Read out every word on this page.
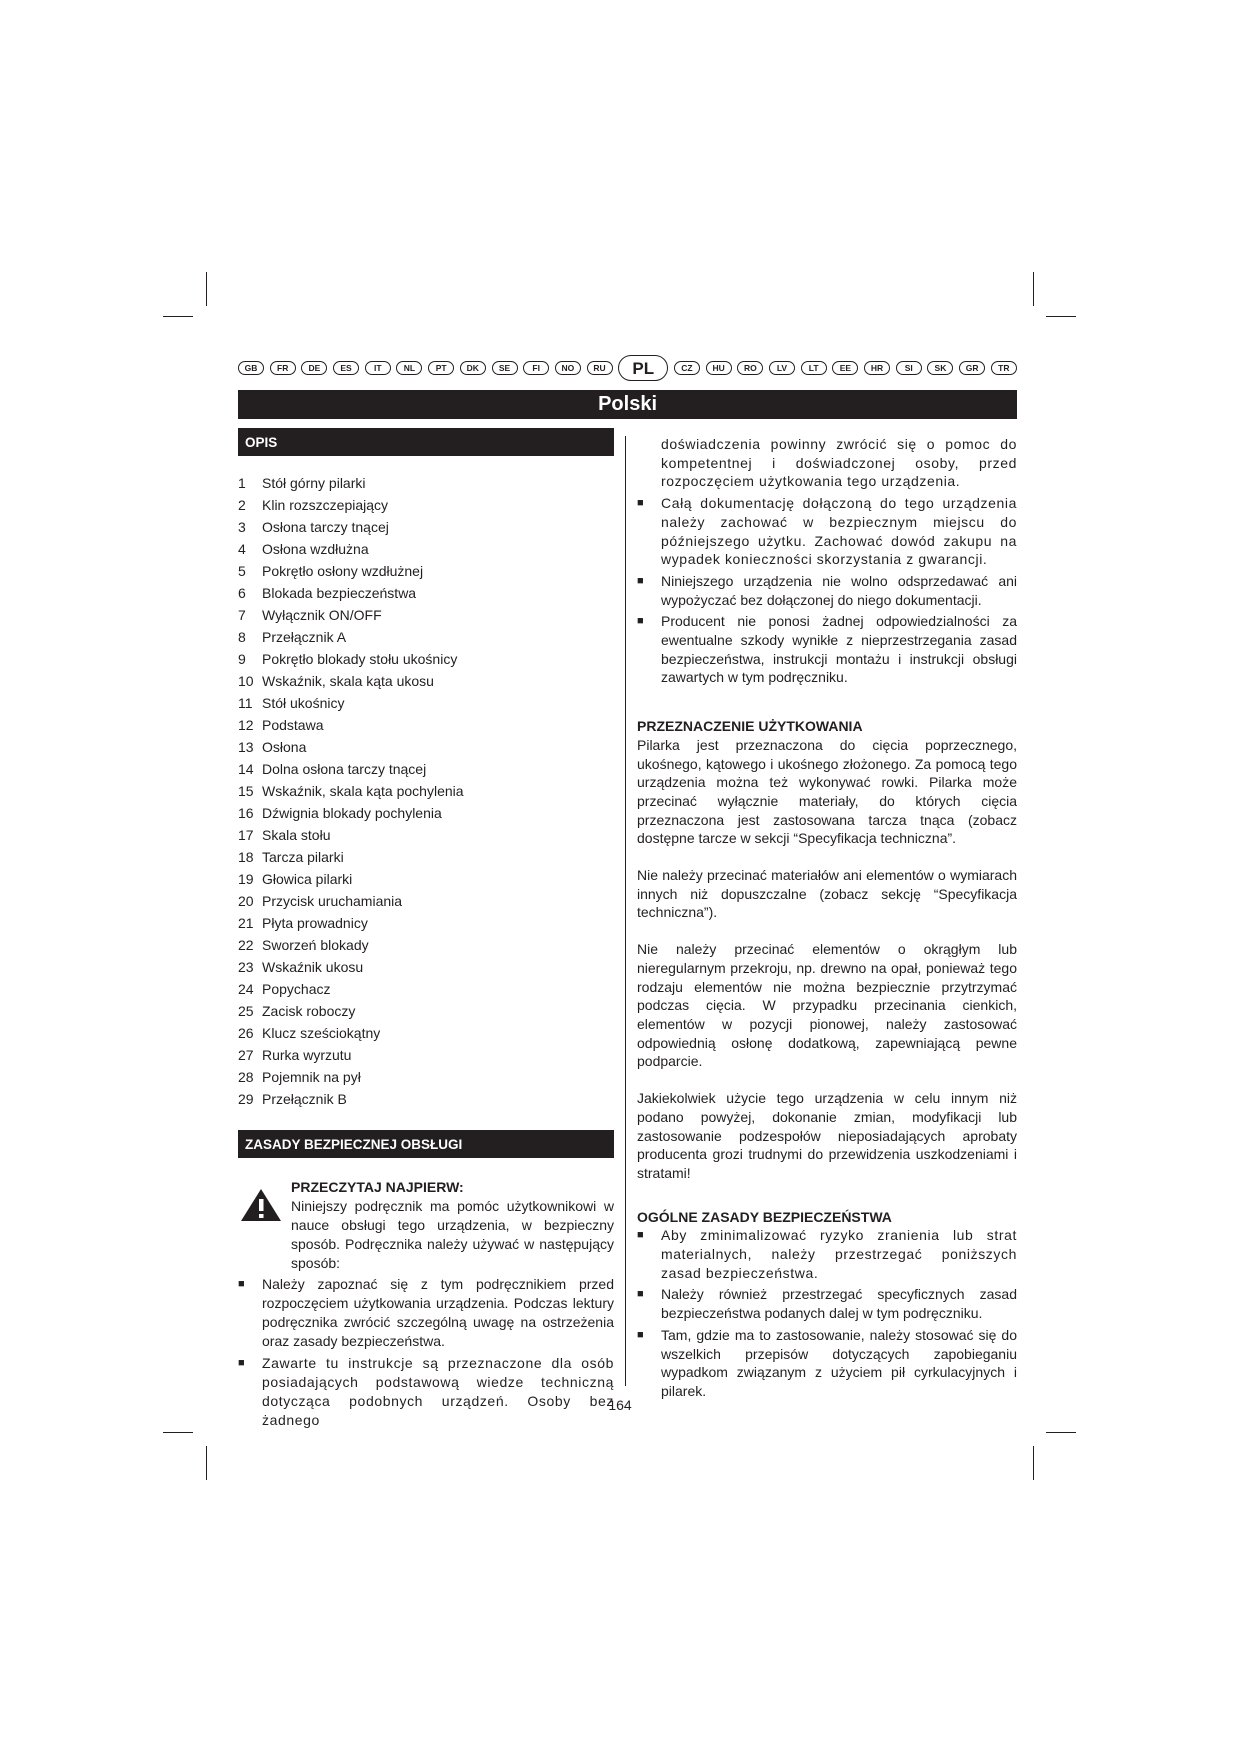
GB	FR	DE	ES	IT	NL	PT	DK	SE	FI	NO	RU	PL	CZ	HU	RO	LV	LT	EE	HR	SI	SK	GR	TR
Polski
OPIS
1	Stół górny pilarki
2	Klin rozszczepiający
3	Osłona tarczy tnącej
4	Osłona wzdłużna
5	Pokrętło osłony wzdłużnej
6	Blokada bezpieczeństwa
7	Wyłącznik ON/OFF
8	Przełącznik A
9	Pokrętło blokady stołu ukośnicy
10 Wskaźnik, skala kąta ukosu
11 Stół ukośnicy
12 Podstawa
13 Osłona
14 Dolna osłona tarczy tnącej
15 Wskaźnik, skala kąta pochylenia
16 Dźwignia blokady pochylenia
17 Skala stołu
18 Tarcza pilarki
19 Głowica pilarki
20 Przycisk uruchamiania
21 Płyta prowadnicy
22 Sworzeń blokady
23 Wskaźnik ukosu
24 Popychacz
25 Zacisk roboczy
26 Klucz sześciokątny
27 Rurka wyrzutu
28 Pojemnik na pył
29 Przełącznik B
ZASADY BEZPIECZNEJ OBSŁUGI
PRZECZYTAJ NAJPIERW:

Niniejszy podręcznik ma pomóc użytkownikowi w nauce obsługi tego urządzenia, w bezpieczny sposób. Podręcznika należy używać w następujący sposób:

■	Należy zapoznać się z tym podręcznikiem przed rozpoczęciem użytkowania urządzenia. Podczas lektury podręcznika zwrócić szczególną uwagę na ostrzeżenia oraz zasady bezpieczeństwa.
■	Zawarte tu instrukcje są przeznaczone dla osób posiadających podstawową wiedze techniczną dotycząca podobnych urządzeń. Osoby bez żadnego
doświadczenia powinny zwrócić się o pomoc do kompetentnej i doświadczonej osoby, przed rozpoczęciem użytkowania tego urządzenia.
■	Całą dokumentację dołączoną do tego urządzenia należy zachować w bezpiecznym miejscu do późniejszego użytku. Zachować dowód zakupu na wypadek konieczności skorzystania z gwarancji.
■	Niniejszego urządzenia nie wolno odsprzedawać ani wypożyczać bez dołączonej do niego dokumentacji.
■	Producent nie ponosi żadnej odpowiedzialności za ewentualne szkody wynikłe z nieprzestrzegania zasad bezpieczeństwa, instrukcji montażu i instrukcji obsługi zawartych w tym podręczniku.
PRZEZNACZENIE UŻYTKOWANIA

Pilarka jest przeznaczona do cięcia poprzecznego, ukośnego, kątowego i ukośnego złożonego. Za pomocą tego urządzenia można też wykonywać rowki. Pilarka może przecinać wyłącznie materiały, do których cięcia przeznaczona jest zastosowana tarcza tnąca (zobacz dostępne tarcze w sekcji “Specyfikacja techniczna”.

Nie należy przecinać materiałów ani elementów o wymiarach innych niż dopuszczalne (zobacz sekcję “Specyfikacja techniczna”).

Nie należy przecinać elementów o okrągłym lub nieregularnym przekroju, np. drewno na opał, ponieważ tego rodzaju elementów nie można bezpiecznie przytrzymać podczas cięcia. W przypadku przecinania cienkich, elementów w pozycji pionowej, należy zastosować odpowiednią osłonę dodatkową, zapewniającą pewne podparcie.

Jakiekolwiek użycie tego urządzenia w celu innym niż podano powyżej, dokonanie zmian, modyfikacji lub zastosowanie podzespołów nieposiadających aprobaty producenta grozi trudnymi do przewidzenia uszkodzeniami i stratami!

OGÓLNE ZASADY BEZPIECZEŃSTWA
■	Aby zminimalizować ryzyko zranienia lub strat materialnych, należy przestrzegać poniższych zasad bezpieczeństwa.
■	Należy również przestrzegać specyficznych zasad bezpieczeństwa podanych dalej w tym podręczniku.
■	Tam, gdzie ma to zastosowanie, należy stosować się do wszelkich przepisów dotyczących zapobieganiu wypadkom związanym z użyciem pił cyrkulacyjnych i pilarek.
164
